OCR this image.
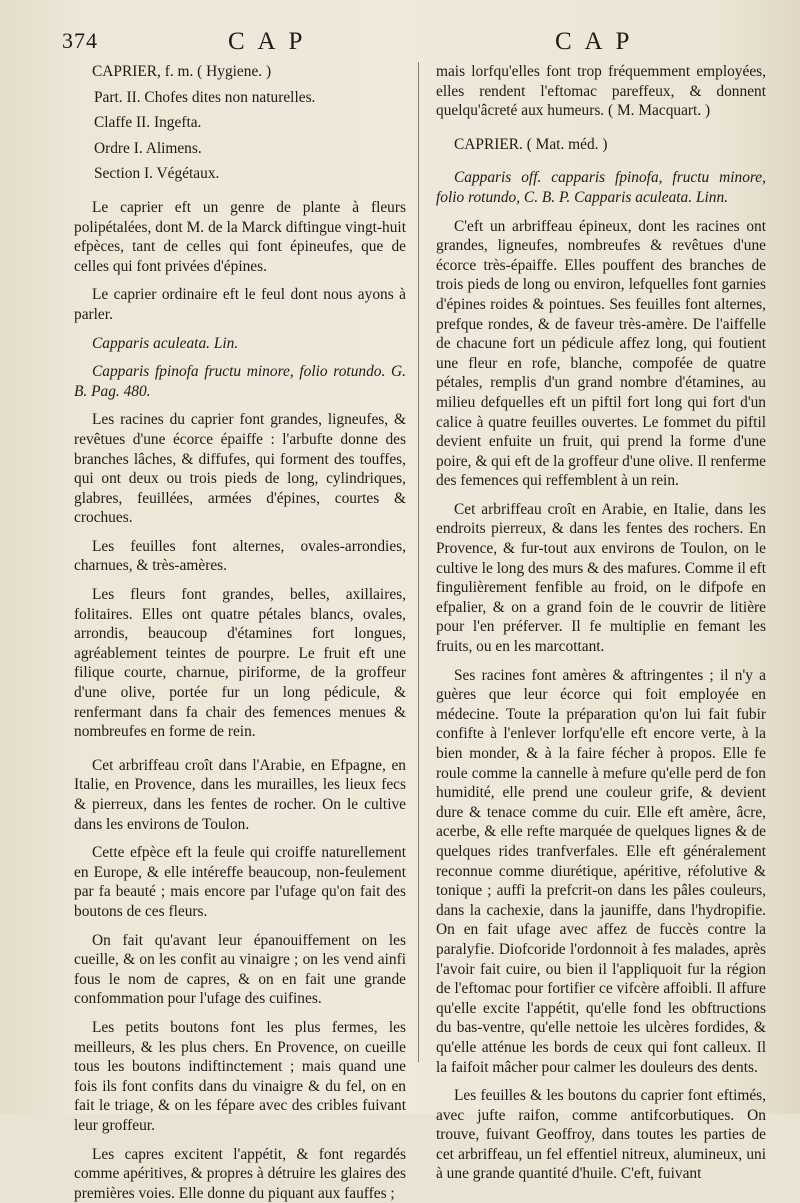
374	C A P	C A P

CAPRIER, f. m. ( Hygiene. )

Part. II. Chofes dites non naturelles.

Claffe II. Ingefta.

Ordre I. Alimens.

Section I. Végétaux.

Le caprier eft un genre de plante à fleurs polipétalées, dont M. de la Marck diftingue vingt-huit efpèces, tant de celles qui font épineufes, que de celles qui font privées d'épines.

Le caprier ordinaire eft le feul dont nous ayons à parler.

Capparis aculeata. Lin.

Capparis fpinofa fructu minore, folio rotundo. G. B. Pag. 480.

Les racines du caprier font grandes, ligneufes, & revêtues d'une écorce épaiffe : l'arbufte donne des branches lâches, & diffufes, qui forment des touffes, qui ont deux ou trois pieds de long, cylindriques, glabres, feuillées, armées d'épines, courtes & crochues.

Les feuilles font alternes, ovales-arrondies, charnues, & très-amères.

Les fleurs font grandes, belles, axillaires, folitaires. Elles ont quatre pétales blancs, ovales, arrondis, beaucoup d'étamines fort longues, agréablement teintes de pourpre. Le fruit eft une filique courte, charnue, piriforme, de la groffeur d'une olive, portée fur un long pédicule, & renfermant dans fa chair des femences menues & nombreufes en forme de rein.

Cet arbriffeau croît dans l'Arabie, en Efpagne, en Italie, en Provence, dans les murailles, les lieux fecs & pierreux, dans les fentes de rocher. On le cultive dans les environs de Toulon.

Cette efpèce eft la feule qui croiffe naturellement en Europe, & elle intéreffe beaucoup, non-feulement par fa beauté ; mais encore par l'ufage qu'on fait des boutons de ces fleurs.

On fait qu'avant leur épanouiffement on les cueille, & on les confit au vinaigre ; on les vend ainfi fous le nom de capres, & on en fait une grande confommation pour l'ufage des cuifines.

Les petits boutons font les plus fermes, les meilleurs, & les plus chers. En Provence, on cueille tous les boutons indiftinctement ; mais quand une fois ils font confits dans du vinaigre & du fel, on en fait le triage, & on les fépare avec des cribles fuivant leur groffeur.

Les capres excitent l'appétit, & font regardés comme apéritives, & propres à détruire les glaires des premières voies. Elle donne du piquant aux fauffes ;

mais lorfqu'elles font trop fréquemment employées, elles rendent l'eftomac pareffeux, & donnent quelqu'âcreté aux humeurs. ( M. Macquart. )

CAPRIER. ( Mat. méd. )

Capparis off. capparis fpinofa, fructu minore, folio rotundo, C. B. P. Capparis aculeata. Linn.

C'eft un arbriffeau épineux, dont les racines ont grandes, ligneufes, nombreufes & revêtues d'une écorce très-épaiffe. Elles pouffent des branches de trois pieds de long ou environ, lefquelles font garnies d'épines roides & pointues. Ses feuilles font alternes, prefque rondes, & de faveur très-amère. De l'aiffelle de chacune fort un pédicule affez long, qui foutient une fleur en rofe, blanche, compofée de quatre pétales, remplis d'un grand nombre d'étamines, au milieu defquelles eft un piftil fort long qui fort d'un calice à quatre feuilles ouvertes. Le fommet du piftil devient enfuite un fruit, qui prend la forme d'une poire, & qui eft de la groffeur d'une olive. Il renferme des femences qui reffemblent à un rein.

Cet arbriffeau croît en Arabie, en Italie, dans les endroits pierreux, & dans les fentes des rochers. En Provence, & fur-tout aux environs de Toulon, on le cultive le long des murs & des mafures. Comme il eft fingulièrement fenfible au froid, on le difpofe en efpalier, & on a grand foin de le couvrir de litière pour l'en préferver. Il fe multiplie en femant les fruits, ou en les marcottant.

Ses racines font amères & aftringentes ; il n'y a guères que leur écorce qui foit employée en médecine. Toute la préparation qu'on lui fait fubir confifte à l'enlever lorfqu'elle eft encore verte, à la bien monder, & à la faire fécher à propos. Elle fe roule comme la cannelle à mefure qu'elle perd de fon humidité, elle prend une couleur grife, & devient dure & tenace comme du cuir. Elle eft amère, âcre, acerbe, & elle refte marquée de quelques lignes & de quelques rides tranfverfales. Elle eft généralement reconnue comme diurétique, apéritive, réfolutive & tonique ; auffi la prefcrit-on dans les pâles couleurs, dans la cachexie, dans la jauniffe, dans l'hydropifie. On en fait ufage avec affez de fuccès contre la paralyfie. Diofcoride l'ordonnoit à fes malades, après l'avoir fait cuire, ou bien il l'appliquoit fur la région de l'eftomac pour fortifier ce vifcère affoibli. Il affure qu'elle excite l'appétit, qu'elle fond les obftructions du bas-ventre, qu'elle nettoie les ulcères fordides, & qu'elle atténue les bords de ceux qui font calleux. Il la faifoit mâcher pour calmer les douleurs des dents.

Les feuilles & les boutons du caprier font eftimés, avec jufte raifon, comme antifcorbutiques. On trouve, fuivant Geoffroy, dans toutes les parties de cet arbriffeau, un fel effentiel nitreux, alumineux, uni à une grande quantité d'huile. C'eft, fuivant
